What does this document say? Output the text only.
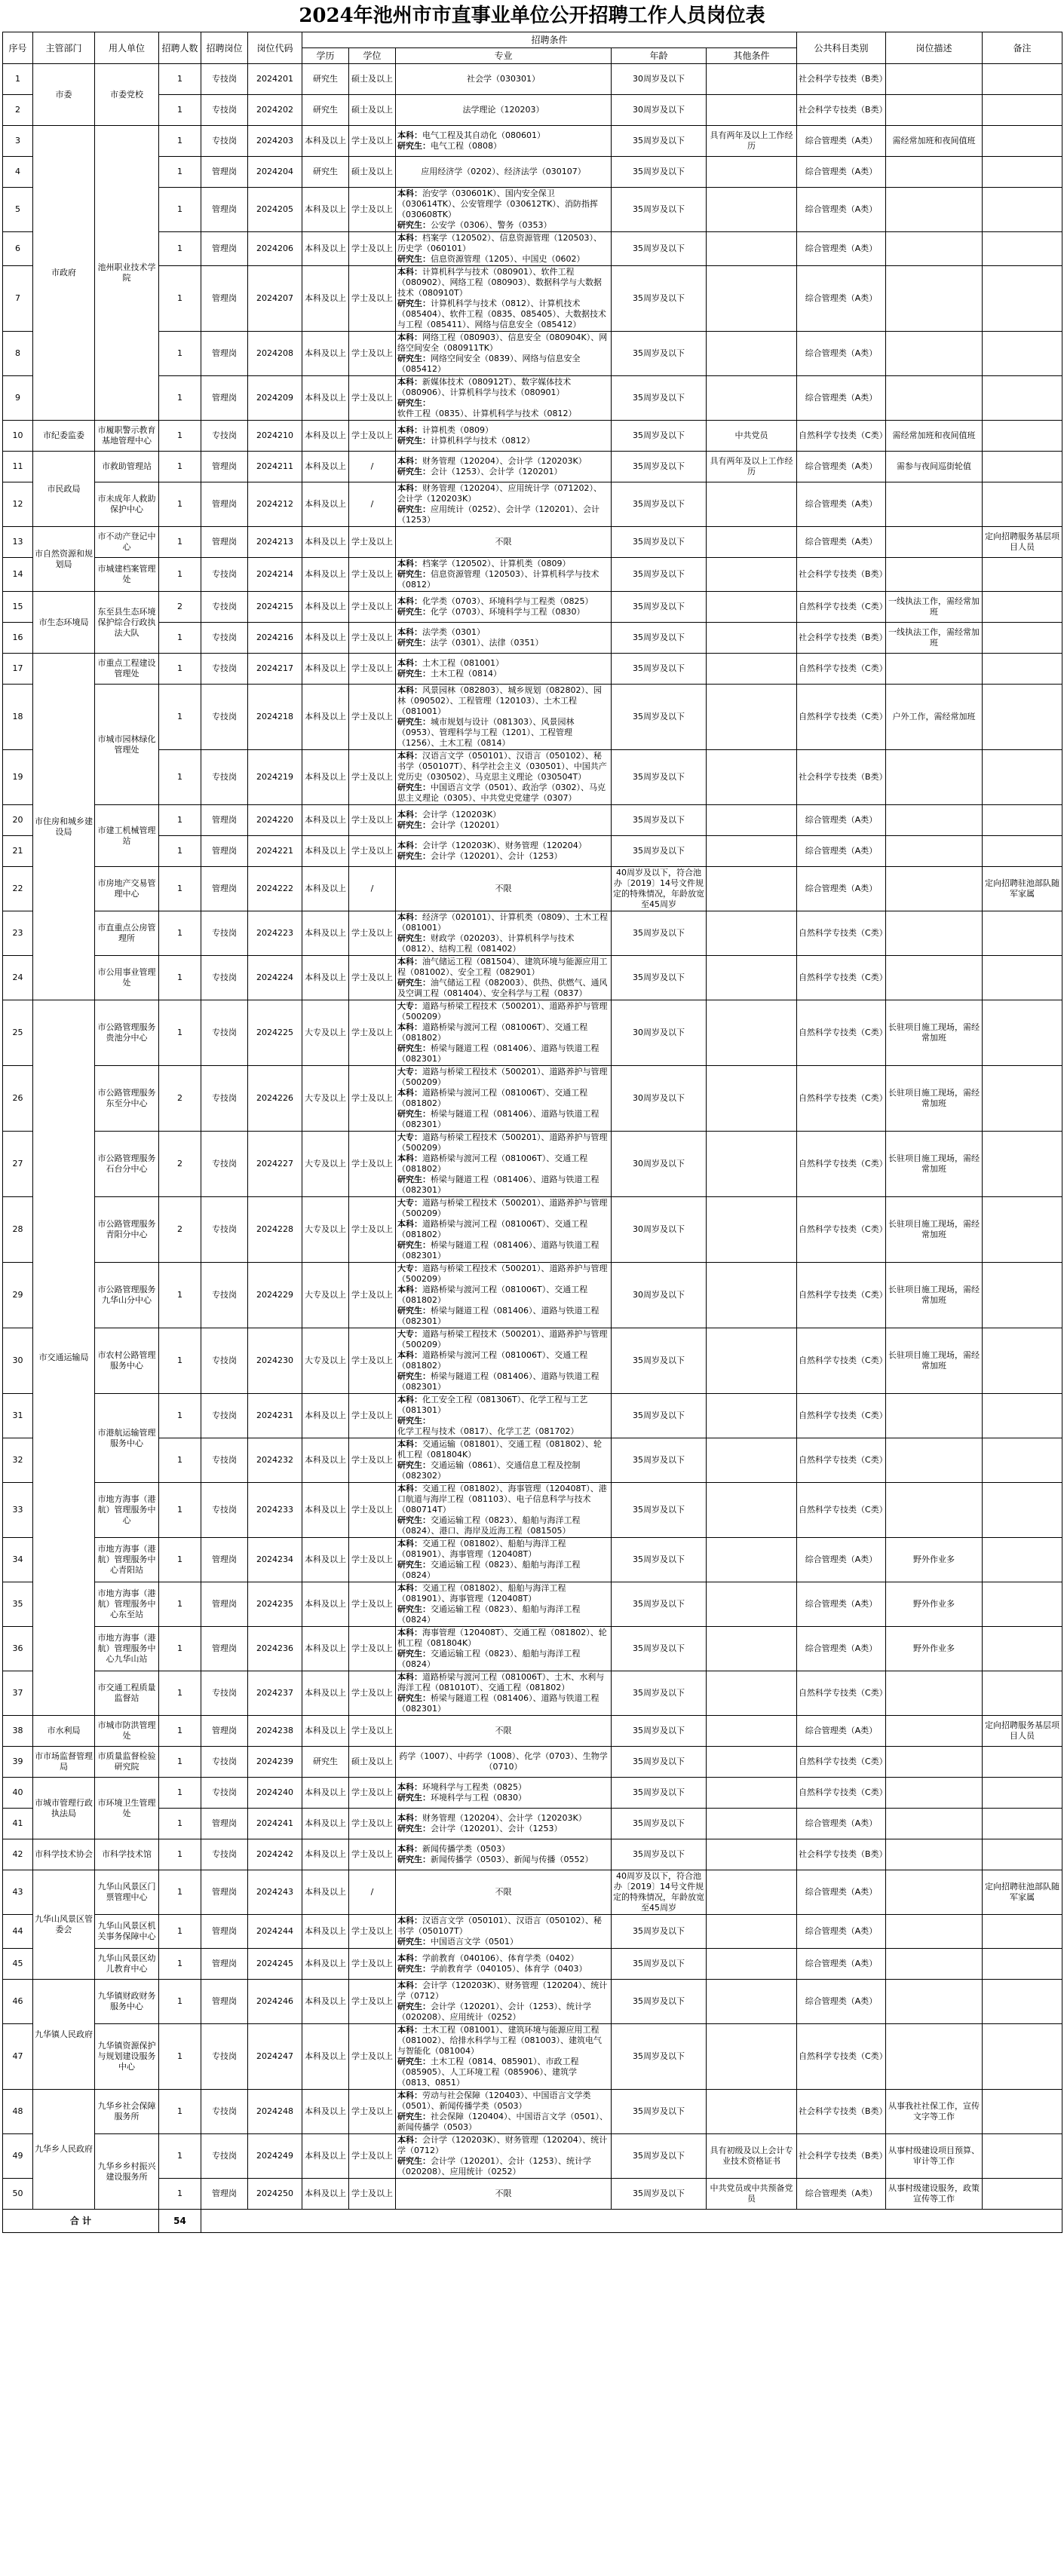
2024年池州市市直事业单位公开招聘工作人员岗位表
序号	主管部门	用人单位	招聘人数	招聘岗位	岗位代码	招聘条件					公共科目类别	岗位描述	备注
						学历	学位	专业	年龄	其他条件			
1	市委	市委党校	1	专技岗	2024201	研究生	硕士及以上	社会学（030301）	30周岁及以下		社会科学专技类（B类）		
2			1	专技岗	2024202	研究生	硕士及以上	法学理论（120203）	30周岁及以下		社会科学专技类（B类）		
3	市政府	池州职业技术学院	1	专技岗	2024203	本科及以上	学士及以上	本科：电气工程及其自动化（080601）
研究生：电气工程（0808）	35周岁及以下	具有两年及以上工作经历	综合管理类（A类）	需经常加班和夜间值班	
4			1	管理岗	2024204	研究生	硕士及以上	应用经济学（0202）、经济法学（030107）	35周岁及以下		综合管理类（A类）		
5			1	管理岗	2024205	本科及以上	学士及以上	本科：治安学（030601K）、国内安全保卫（030614TK）、公安管理学（030612TK）、消防指挥（030608TK）
研究生：公安学（0306）、警务（0353）	35周岁及以下		综合管理类（A类）		
6			1	管理岗	2024206	本科及以上	学士及以上	本科：档案学（120502）、信息资源管理（120503）、历史学（060101）
研究生：信息资源管理（1205）、中国史（0602）	35周岁及以下		综合管理类（A类）		
7			1	管理岗	2024207	本科及以上	学士及以上	本科：计算机科学与技术（080901）、软件工程（080902）、网络工程（080903）、数据科学与大数据技术（080910T）
研究生：计算机科学与技术（0812）、计算机技术（085404）、软件工程（0835、085405）、大数据技术与工程（085411）、网络与信息安全（085412）	35周岁及以下		综合管理类（A类）		
8			1	管理岗	2024208	本科及以上	学士及以上	本科：网络工程（080903）、信息安全（080904K）、网络空间安全（080911TK）
研究生：网络空间安全（0839）、网络与信息安全（085412）	35周岁及以下		综合管理类（A类）		
9			1	管理岗	2024209	本科及以上	学士及以上	本科：新媒体技术（080912T）、数字媒体技术（080906）、计算机科学与技术（080901）
研究生：软件工程（0835）、计算机科学与技术（0812）	35周岁及以下		综合管理类（A类）		
10	市纪委监委	市履职警示教育基地管理中心	1	专技岗	2024210	本科及以上	学士及以上	本科：计算机类（0809）
研究生：计算机科学与技术（0812）	35周岁及以下	中共党员	自然科学专技类（C类）	需经常加班和夜间值班	
11	市民政局	市救助管理站	1	管理岗	2024211	本科及以上	/	本科：财务管理（120204）、会计学（120203K）
研究生：会计（1253）、会计学（120201）	35周岁及以下	具有两年及以上工作经历	综合管理类（A类）	需参与夜间巡街轮值	
12		市未成年人救助保护中心	1	管理岗	2024212	本科及以上	/	本科：财务管理（120204）、应用统计学（071202）、会计学（120203K）
研究生：应用统计（0252）、会计学（120201）、会计（1253）	35周岁及以下		综合管理类（A类）		
13	市自然资源和规划局	市不动产登记中心	1	管理岗	2024213	本科及以上	学士及以上	不限	35周岁及以下		综合管理类（A类）		定向招聘服务基层项目人员
14		市城建档案管理处	1	专技岗	2024214	本科及以上	学士及以上	本科：档案学（120502）、计算机类（0809）
研究生：信息资源管理（120503）、计算机科学与技术（0812）	35周岁及以下		社会科学专技类（B类）		
15	市生态环境局	东至县生态环境保护综合行政执法大队	2	专技岗	2024215	本科及以上	学士及以上	本科：化学类（0703）、环境科学与工程类（0825）
研究生：化学（0703）、环境科学与工程（0830）	35周岁及以下		自然科学专技类（C类）	一线执法工作，需经常加班	
16			1	专技岗	2024216	本科及以上	学士及以上	本科：法学类（0301）
研究生：法学（0301）、法律（0351）	35周岁及以下		社会科学专技类（B类）	一线执法工作，需经常加班	
17	市住房和城乡建设局	市重点工程建设管理处	1	专技岗	2024217	本科及以上	学士及以上	本科：土木工程（081001）
研究生：土木工程（0814）	35周岁及以下		自然科学专技类（C类）		
18		市城市园林绿化管理处	1	专技岗	2024218	本科及以上	学士及以上	本科：风景园林（082803）、城乡规划（082802）、园林（090502）、工程管理（120103）、土木工程（081001）
研究生：城市规划与设计（081303）、风景园林（0953）、管理科学与工程（1201）、工程管理（1256）、土木工程（0814）	35周岁及以下		自然科学专技类（C类）	户外工作，需经常加班	
19			1	专技岗	2024219	本科及以上	学士及以上	本科：汉语言文学（050101）、汉语言（050102）、秘书学（050107T）、科学社会主义（030501）、中国共产党历史（030502）、马克思主义理论（030504T）
研究生：中国语言文学（0501）、政治学（0302）、马克思主义理论（0305）、中共党史党建学（0307）	35周岁及以下		社会科学专技类（B类）		
20		市建工机械管理站	1	管理岗	2024220	本科及以上	学士及以上	本科：会计学（120203K）
研究生：会计学（120201）	35周岁及以下		综合管理类（A类）		
21			1	管理岗	2024221	本科及以上	学士及以上	本科：会计学（120203K）、财务管理（120204）
研究生：会计学（120201）、会计（1253）	35周岁及以下		综合管理类（A类）		
22		市房地产交易管理中心	1	管理岗	2024222	本科及以上	/	不限	40周岁及以下，符合池办〔2019〕14号文件规定的特殊情况，年龄放宽至45周岁		综合管理类（A类）		定向招聘驻池部队随军家属
23		市直重点公房管理所	1	专技岗	2024223	本科及以上	学士及以上	本科：经济学（020101）、计算机类（0809）、土木工程（081001）
研究生：财政学（020203）、计算机科学与技术（0812）、结构工程（081402）	35周岁及以下		自然科学专技类（C类）		
24		市公用事业管理处	1	专技岗	2024224	本科及以上	学士及以上	本科：油气储运工程（081504）、建筑环境与能源应用工程（081002）、安全工程（082901）
研究生：油气储运工程（082003）、供热、供燃气、通风及空调工程（081404）、安全科学与工程（0837）	35周岁及以下		自然科学专技类（C类）		
25	市交通运输局	市公路管理服务贵池分中心	1	专技岗	2024225	大专及以上	学士及以上	大专：道路与桥梁工程技术（500201）、道路养护与管理（500209）
本科：道路桥梁与渡河工程（081006T）、交通工程（081802）
研究生：桥梁与隧道工程（081406）、道路与铁道工程（082301）	30周岁及以下		自然科学专技类（C类）	长驻项目施工现场，需经常加班	
26		市公路管理服务东至分中心	2	专技岗	2024226	大专及以上	学士及以上	大专：道路与桥梁工程技术（500201）、道路养护与管理（500209）
本科：道路桥梁与渡河工程（081006T）、交通工程（081802）
研究生：桥梁与隧道工程（081406）、道路与铁道工程（082301）	30周岁及以下		自然科学专技类（C类）	长驻项目施工现场，需经常加班	
27		市公路管理服务石台分中心	2	专技岗	2024227	大专及以上	学士及以上	大专：道路与桥梁工程技术（500201）、道路养护与管理（500209）
本科：道路桥梁与渡河工程（081006T）、交通工程（081802）
研究生：桥梁与隧道工程（081406）、道路与铁道工程（082301）	30周岁及以下		自然科学专技类（C类）	长驻项目施工现场，需经常加班	
28		市公路管理服务青阳分中心	2	专技岗	2024228	大专及以上	学士及以上	大专：道路与桥梁工程技术（500201）、道路养护与管理（500209）
本科：道路桥梁与渡河工程（081006T）、交通工程（081802）
研究生：桥梁与隧道工程（081406）、道路与铁道工程（082301）	30周岁及以下		自然科学专技类（C类）	长驻项目施工现场，需经常加班	
29		市公路管理服务九华山分中心	1	专技岗	2024229	大专及以上	学士及以上	大专：道路与桥梁工程技术（500201）、道路养护与管理（500209）
本科：道路桥梁与渡河工程（081006T）、交通工程（081802）
研究生：桥梁与隧道工程（081406）、道路与铁道工程（082301）	30周岁及以下		自然科学专技类（C类）	长驻项目施工现场，需经常加班	
30		市农村公路管理服务中心	1	专技岗	2024230	大专及以上	学士及以上	大专：道路与桥梁工程技术（500201）、道路养护与管理（500209）
本科：道路桥梁与渡河工程（081006T）、交通工程（081802）
研究生：桥梁与隧道工程（081406）、道路与铁道工程（082301）	35周岁及以下		自然科学专技类（C类）	长驻项目施工现场，需经常加班	
31		市港航运输管理服务中心	1	专技岗	2024231	本科及以上	学士及以上	本科：化工安全工程（081306T）、化学工程与工艺（081301）
研究生：化学工程与技术（0817）、化学工艺（081702）	35周岁及以下		自然科学专技类（C类）		
32			1	专技岗	2024232	本科及以上	学士及以上	本科：交通运输（081801）、交通工程（081802）、轮机工程（081804K）
研究生：交通运输（0861）、交通信息工程及控制（082302）	35周岁及以下		自然科学专技类（C类）		
33		市地方海事（港航）管理服务中心	1	专技岗	2024233	本科及以上	学士及以上	本科：交通工程（081802）、海事管理（120408T）、港口航道与海岸工程（081103）、电子信息科学与技术（080714T）
研究生：交通运输工程（0823）、船舶与海洋工程（0824）、港口、海岸及近海工程（081505）	35周岁及以下		自然科学专技类（C类）		
34		市地方海事（港航）管理服务中心青阳站	1	管理岗	2024234	本科及以上	学士及以上	本科：交通工程（081802）、船舶与海洋工程（081901）、海事管理（120408T）
研究生：交通运输工程（0823）、船舶与海洋工程（0824）	35周岁及以下		综合管理类（A类）	野外作业多	
35		市地方海事（港航）管理服务中心东至站	1	管理岗	2024235	本科及以上	学士及以上	本科：交通工程（081802）、船舶与海洋工程（081901）、海事管理（120408T）
研究生：交通运输工程（0823）、船舶与海洋工程（0824）	35周岁及以下		综合管理类（A类）	野外作业多	
36		市地方海事（港航）管理服务中心九华山站	1	管理岗	2024236	本科及以上	学士及以上	本科：海事管理（120408T）、交通工程（081802）、轮机工程（081804K）
研究生：交通运输工程（0823）、船舶与海洋工程（0824）	35周岁及以下		综合管理类（A类）	野外作业多	
37		市交通工程质量监督站	1	专技岗	2024237	本科及以上	学士及以上	本科：道路桥梁与渡河工程（081006T）、土木、水利与海洋工程（081010T）、交通工程（081802）
研究生：桥梁与隧道工程（081406）、道路与铁道工程（082301）	35周岁及以下		自然科学专技类（C类）		
38	市水利局	市城市防洪管理处	1	管理岗	2024238	本科及以上	学士及以上	不限	35周岁及以下		综合管理类（A类）		定向招聘服务基层项目人员
39	市市场监督管理局	市质量监督检验研究院	1	专技岗	2024239	研究生	硕士及以上	药学（1007）、中药学（1008）、化学（0703）、生物学（0710）	35周岁及以下		自然科学专技类（C类）		
40	市城市管理行政执法局	市环境卫生管理处	1	专技岗	2024240	本科及以上	学士及以上	本科：环境科学与工程类（0825）
研究生：环境科学与工程（0830）	35周岁及以下		自然科学专技类（C类）		
41			1	管理岗	2024241	本科及以上	学士及以上	本科：财务管理（120204）、会计学（120203K）
研究生：会计学（120201）、会计（1253）	35周岁及以下		综合管理类（A类）		
42	市科学技术协会	市科学技术馆	1	专技岗	2024242	本科及以上	学士及以上	本科：新闻传播学类（0503）
研究生：新闻传播学（0503）、新闻与传播（0552）	35周岁及以下		社会科学专技类（B类）		
43	九华山风景区管委会	九华山风景区门票管理中心	1	管理岗	2024243	本科及以上	/	不限	40周岁及以下，符合池办〔2019〕14号文件规定的特殊情况，年龄放宽至45周岁		综合管理类（A类）		定向招聘驻池部队随军家属
44		九华山风景区机关事务保障中心	1	管理岗	2024244	本科及以上	学士及以上	本科：汉语言文学（050101）、汉语言（050102）、秘书学（050107T）
研究生：中国语言文学（0501）	35周岁及以下		综合管理类（A类）		
45		九华山风景区幼儿教育中心	1	管理岗	2024245	本科及以上	学士及以上	本科：学前教育（040106）、体育学类（0402）
研究生：学前教育学（040105）、体育学（0403）	35周岁及以下		综合管理类（A类）		
46	九华镇人民政府	九华镇财政财务服务中心	1	管理岗	2024246	本科及以上	学士及以上	本科：会计学（120203K）、财务管理（120204）、统计学（0712）
研究生：会计学（120201）、会计（1253）、统计学（020208）、应用统计（0252）	35周岁及以下		综合管理类（A类）		
47		九华镇资源保护与规划建设服务中心	1	专技岗	2024247	本科及以上	学士及以上	本科：土木工程（081001）、建筑环境与能源应用工程（081002）、给排水科学与工程（081003）、建筑电气与智能化（081004）
研究生：土木工程（0814、085901）、市政工程（085905）、人工环境工程（085906）、建筑学（0813、0851）	35周岁及以下		自然科学专技类（C类）		
48	九华乡人民政府	九华乡社会保障服务所	1	专技岗	2024248	本科及以上	学士及以上	本科：劳动与社会保障（120403）、中国语言文学类（0501）、新闻传播学类（0503）
研究生：社会保障（120404）、中国语言文学（0501）、新闻传播学（0503）	35周岁及以下		社会科学专技类（B类）	从事我社社保工作，宣传文字等工作	
49		九华乡乡村振兴建设服务所	1	专技岗	2024249	本科及以上	学士及以上	本科：会计学（120203K）、财务管理（120204）、统计学（0712）
研究生：会计学（120201）、会计（1253）、统计学（020208）、应用统计（0252）	35周岁及以下	具有初级及以上会计专业技术资格证书	社会科学专技类（B类）	从事村级建设项目预算、审计等工作	
50			1	管理岗	2024250	本科及以上	学士及以上	不限	35周岁及以下	中共党员或中共预备党员	综合管理类（A类）	从事村级建设服务，政策宣传等工作	
合 计			54										
